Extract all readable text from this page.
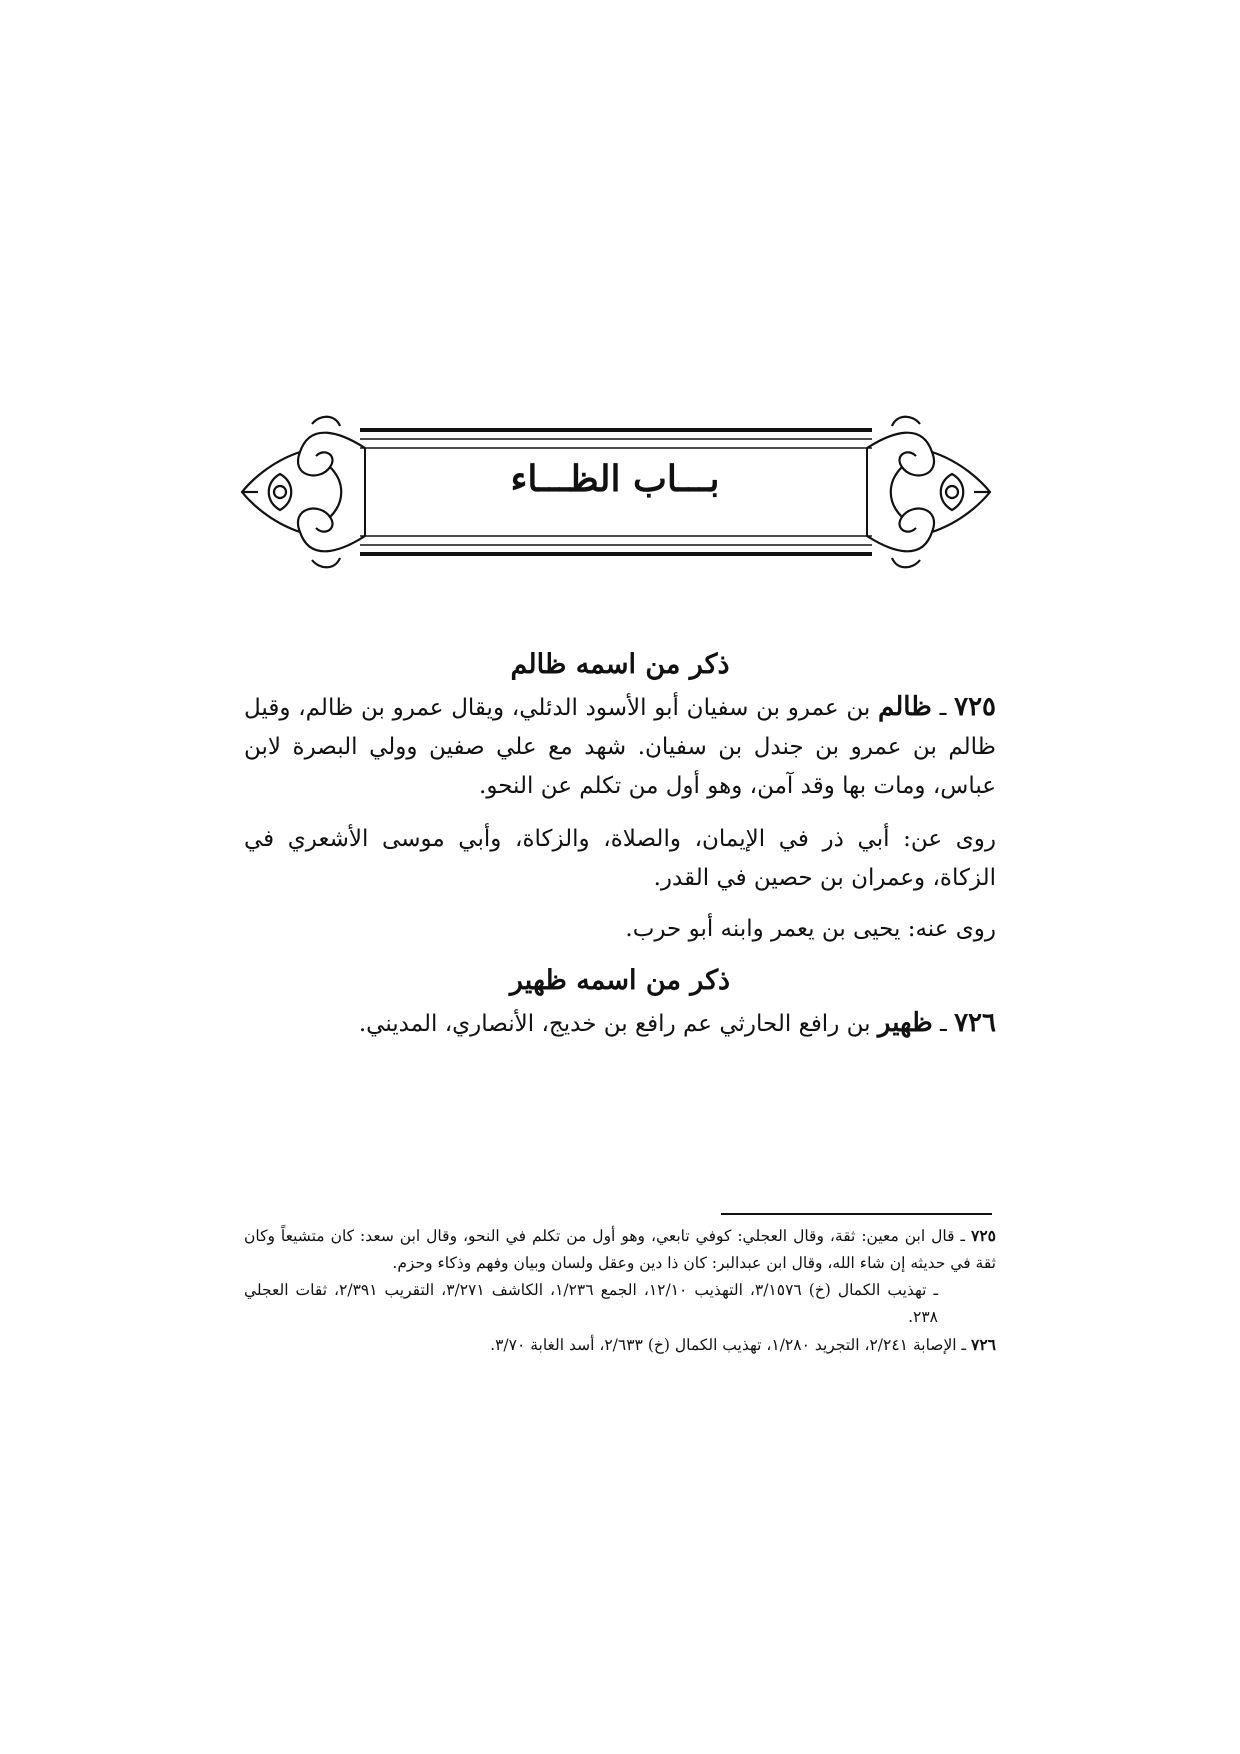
بـــاب الظـــاء
ذكر من اسمه ظالم

٧٢٥ ـ ظالم بن عمرو بن سفيان أبو الأسود الدئلي، ويقال عمرو بن ظالم، وقيل ظالم بن عمرو بن جندل بن سفيان. شهد مع علي صفين وولي البصرة لابن عباس، ومات بها وقد آمن، وهو أول من تكلم عن النحو.

روى عن: أبي ذر في الإيمان، والصلاة، والزكاة، وأبي موسى الأشعري في الزكاة، وعمران بن حصين في القدر.

روى عنه: يحيى بن يعمر وابنه أبو حرب.

ذكر من اسمه ظهير

٧٢٦ ـ ظهير بن رافع الحارثي عم رافع بن خديج، الأنصاري، المديني.

٧٢٥ ـ قال ابن معين: ثقة، وقال العجلي: كوفي تابعي، وهو أول من تكلم في النحو، وقال ابن سعد: كان متشيعاً وكان ثقة في حديثه إن شاء الله، وقال ابن عبدالبر: كان ذا دين وعقل ولسان وبيان وفهم وذكاء وحزم.

ـ تهذيب الكمال (خ) ٣/١٥٧٦، التهذيب ١٢/١٠، الجمع ١/٢٣٦، الكاشف ٣/٢٧١، التقريب ٢/٣٩١، ثقات العجلي ٢٣٨.

٧٢٦ ـ الإصابة ٢/٢٤١، التجريد ١/٢٨٠، تهذيب الكمال (خ) ٢/٦٣٣، أسد الغابة ٣/٧٠.
